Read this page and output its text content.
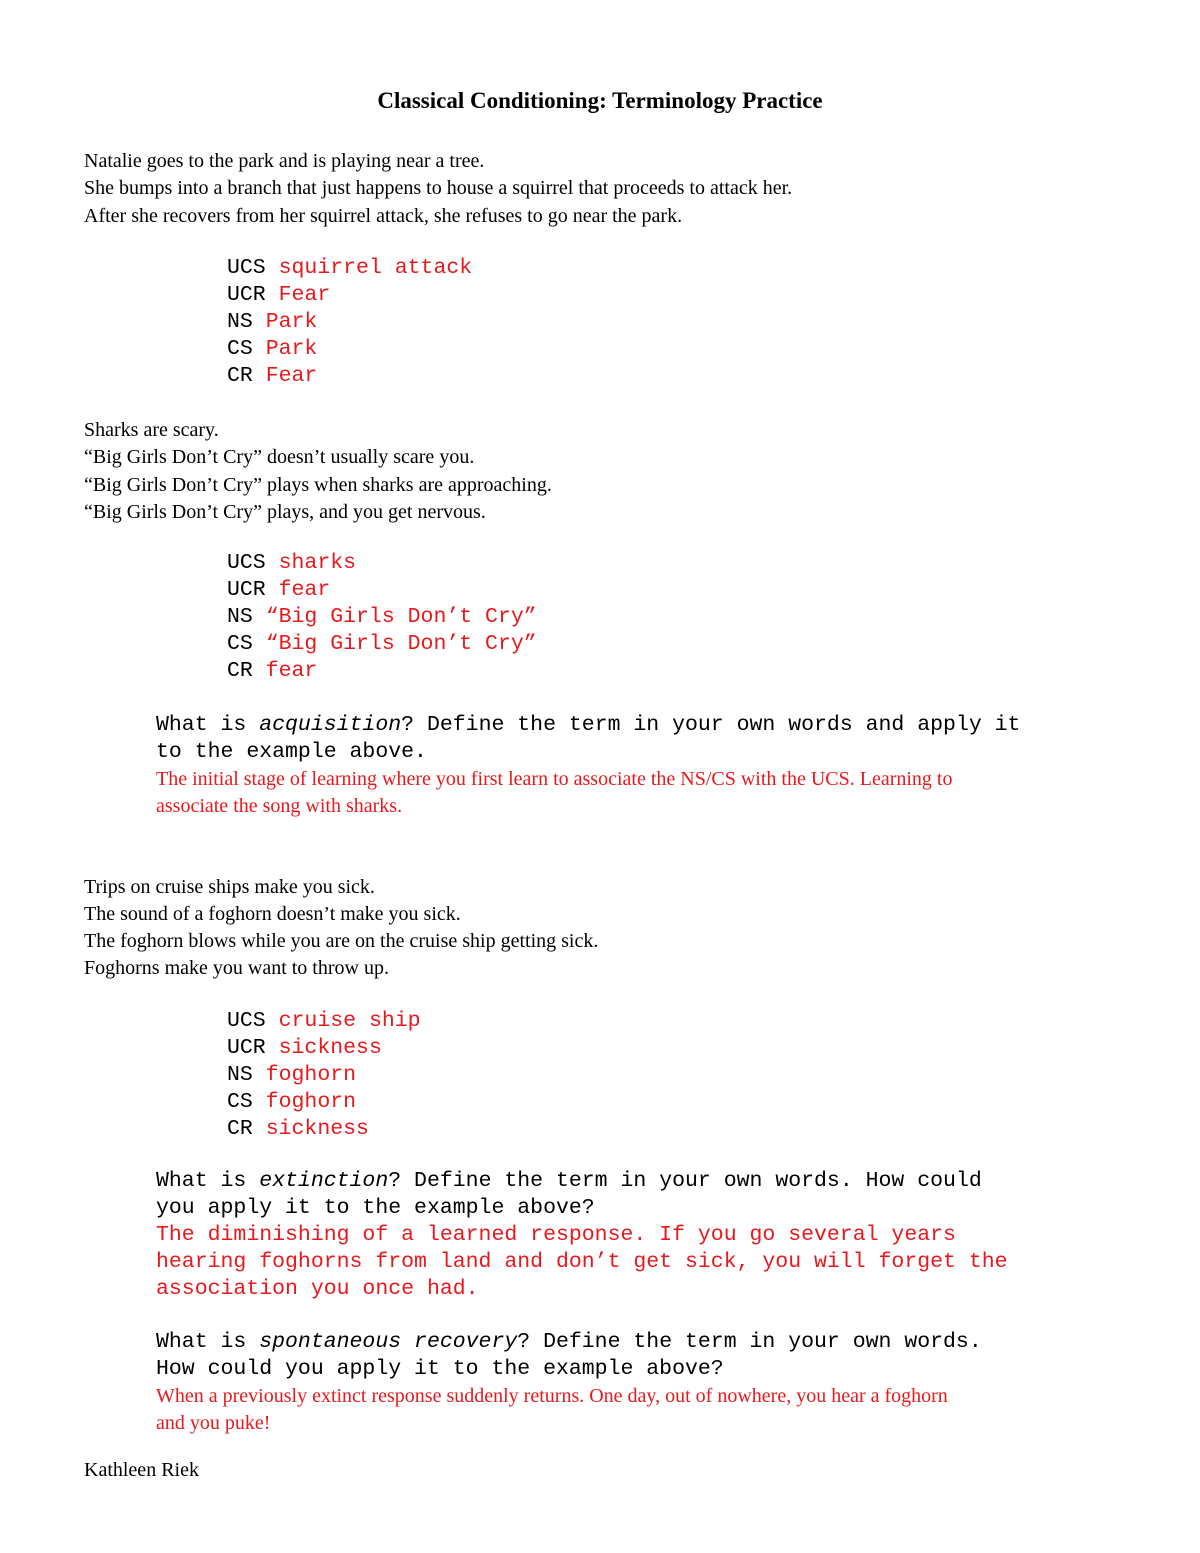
Classical Conditioning: Terminology Practice
Natalie goes to the park and is playing near a tree.
She bumps into a branch that just happens to house a squirrel that proceeds to attack her.
After she recovers from her squirrel attack, she refuses to go near the park.
UCS squirrel attack
UCR Fear
NS Park
CS Park
CR Fear
Sharks are scary.
“Big Girls Don’t Cry” doesn’t usually scare you.
“Big Girls Don’t Cry” plays when sharks are approaching.
“Big Girls Don’t Cry” plays, and you get nervous.
UCS sharks
UCR fear
NS “Big Girls Don’t Cry”
CS “Big Girls Don’t Cry”
CR fear
What is acquisition? Define the term in your own words and apply it
to the example above.
The initial stage of learning where you first learn to associate the NS/CS with the UCS. Learning to
associate the song with sharks.
Trips on cruise ships make you sick.
The sound of a foghorn doesn’t make you sick.
The foghorn blows while you are on the cruise ship getting sick.
Foghorns make you want to throw up.
UCS cruise ship
UCR sickness
NS foghorn
CS foghorn
CR sickness
What is extinction? Define the term in your own words. How could
you apply it to the example above?
The diminishing of a learned response. If you go several years
hearing foghorns from land and don’t get sick, you will forget the
association you once had.
What is spontaneous recovery? Define the term in your own words.
How could you apply it to the example above?
When a previously extinct response suddenly returns. One day, out of nowhere, you hear a foghorn
and you puke!
Kathleen Riek
